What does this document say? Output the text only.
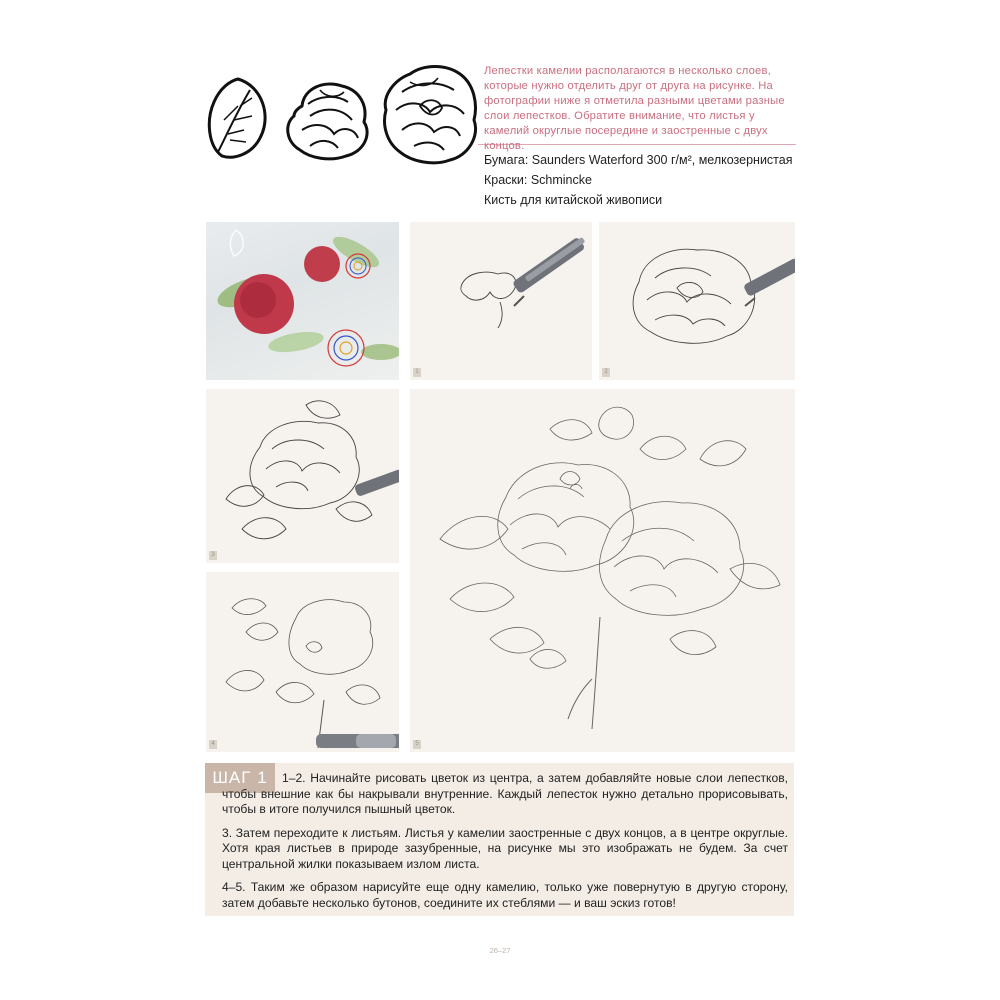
Лепестки камелии располагаются в несколько слоев, которые нужно отделить друг от друга на рисунке. На фотографии ниже я отметила разными цветами разные слои лепестков. Обратите внимание, что листья у камелий округлые посередине и заостренные с двух концов.
Бумага: Saunders Waterford 300 г/м², мелкозернистая
Краски: Schmincke
Кисть для китайской живописи
1	2
3
4	5
ШАГ 1	1–2. Начинайте рисовать цветок из центра, а затем добавляйте новые слои лепестков, чтобы внешние как бы накрывали внутренние. Каждый лепесток нужно детально прорисовывать, чтобы в итоге получился пышный цветок.

3. Затем переходите к листьям. Листья у камелии заостренные с двух концов, а в центре округлые. Хотя края листьев в природе зазубренные, на рисунке мы это изображать не будем. За счет центральной жилки показываем излом листа.

4–5. Таким же образом нарисуйте еще одну камелию, только уже повернутую в другую сторону, затем добавьте несколько бутонов, соедините их стеблями — и ваш эскиз готов!

26–27
